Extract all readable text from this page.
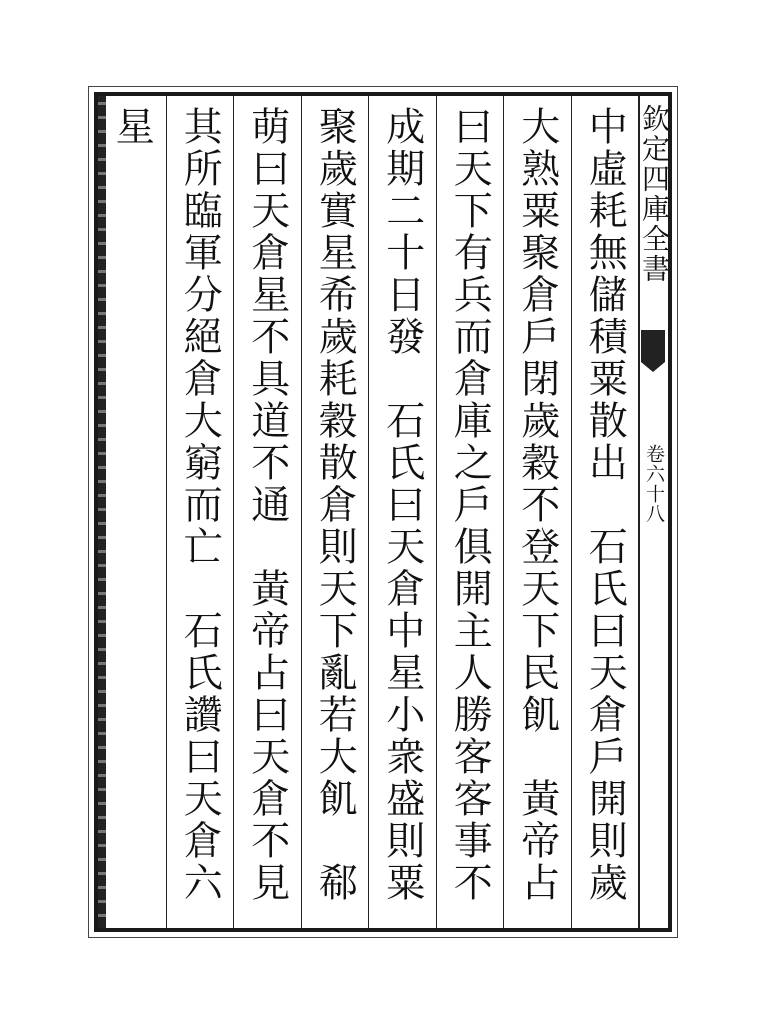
中虛耗無儲積粟散出　石氏曰天倉戶開則歲
大熟粟聚倉戶閉歲穀不登天下民飢　黃帝占
曰天下有兵而倉庫之戶俱開主人勝客客事不
成期二十日發　石氏曰天倉中星小衆盛則粟
聚歲實星希歲耗穀散倉則天下亂若大飢　郗
萌曰天倉星不具道不通　黃帝占曰天倉不見
其所臨軍分絕倉大窮而亡　石氏讚曰天倉六
星	欽定四庫全書
卷六十八
